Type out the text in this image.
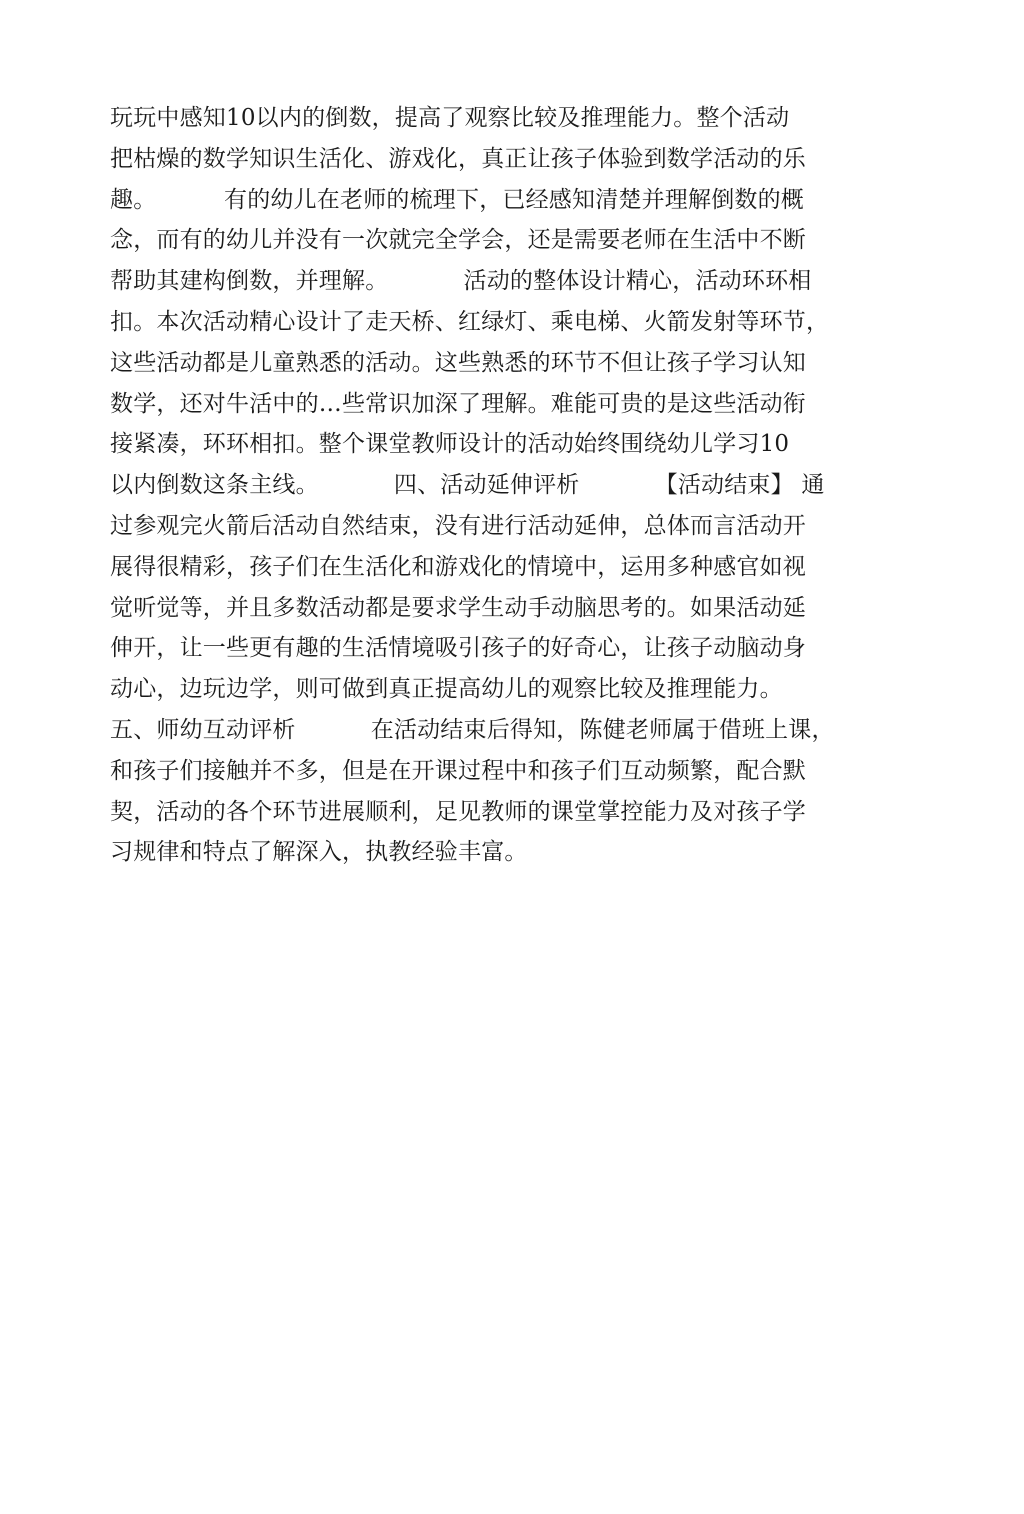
玩玩中感知10以内的倒数，提高了观察比较及推理能力。整个活动
把枯燥的数学知识生活化、游戏化，真正让孩子体验到数学活动的乐
趣。         有的幼儿在老师的梳理下，已经感知清楚并理解倒数的概
念，而有的幼儿并没有一次就完全学会，还是需要老师在生活中不断
帮助其建构倒数，并理解。          活动的整体设计精心，活动环环相
扣。本次活动精心设计了走天桥、红绿灯、乘电梯、火箭发射等环节，
这些活动都是儿童熟悉的活动。这些熟悉的环节不但让孩子学习认知
数学，还对牛活中的…些常识加深了理解。难能可贵的是这些活动衔
接紧凑，环环相扣。整个课堂教师设计的活动始终围绕幼儿学习10
以内倒数这条主线。          四、活动延伸评析          【活动结束】 通
过参观完火箭后活动自然结束，没有进行活动延伸，总体而言活动开
展得很精彩，孩子们在生活化和游戏化的情境中，运用多种感官如视
觉听觉等，并且多数活动都是要求学生动手动脑思考的。如果活动延
伸开，让一些更有趣的生活情境吸引孩子的好奇心，让孩子动脑动身
动心，边玩边学，则可做到真正提高幼儿的观察比较及推理能力。
五、师幼互动评析          在活动结束后得知，陈健老师属于借班上课，
和孩子们接触并不多，但是在开课过程中和孩子们互动频繁，配合默
契，活动的各个环节进展顺利，足见教师的课堂掌控能力及对孩子学
习规律和特点了解深入，执教经验丰富。
